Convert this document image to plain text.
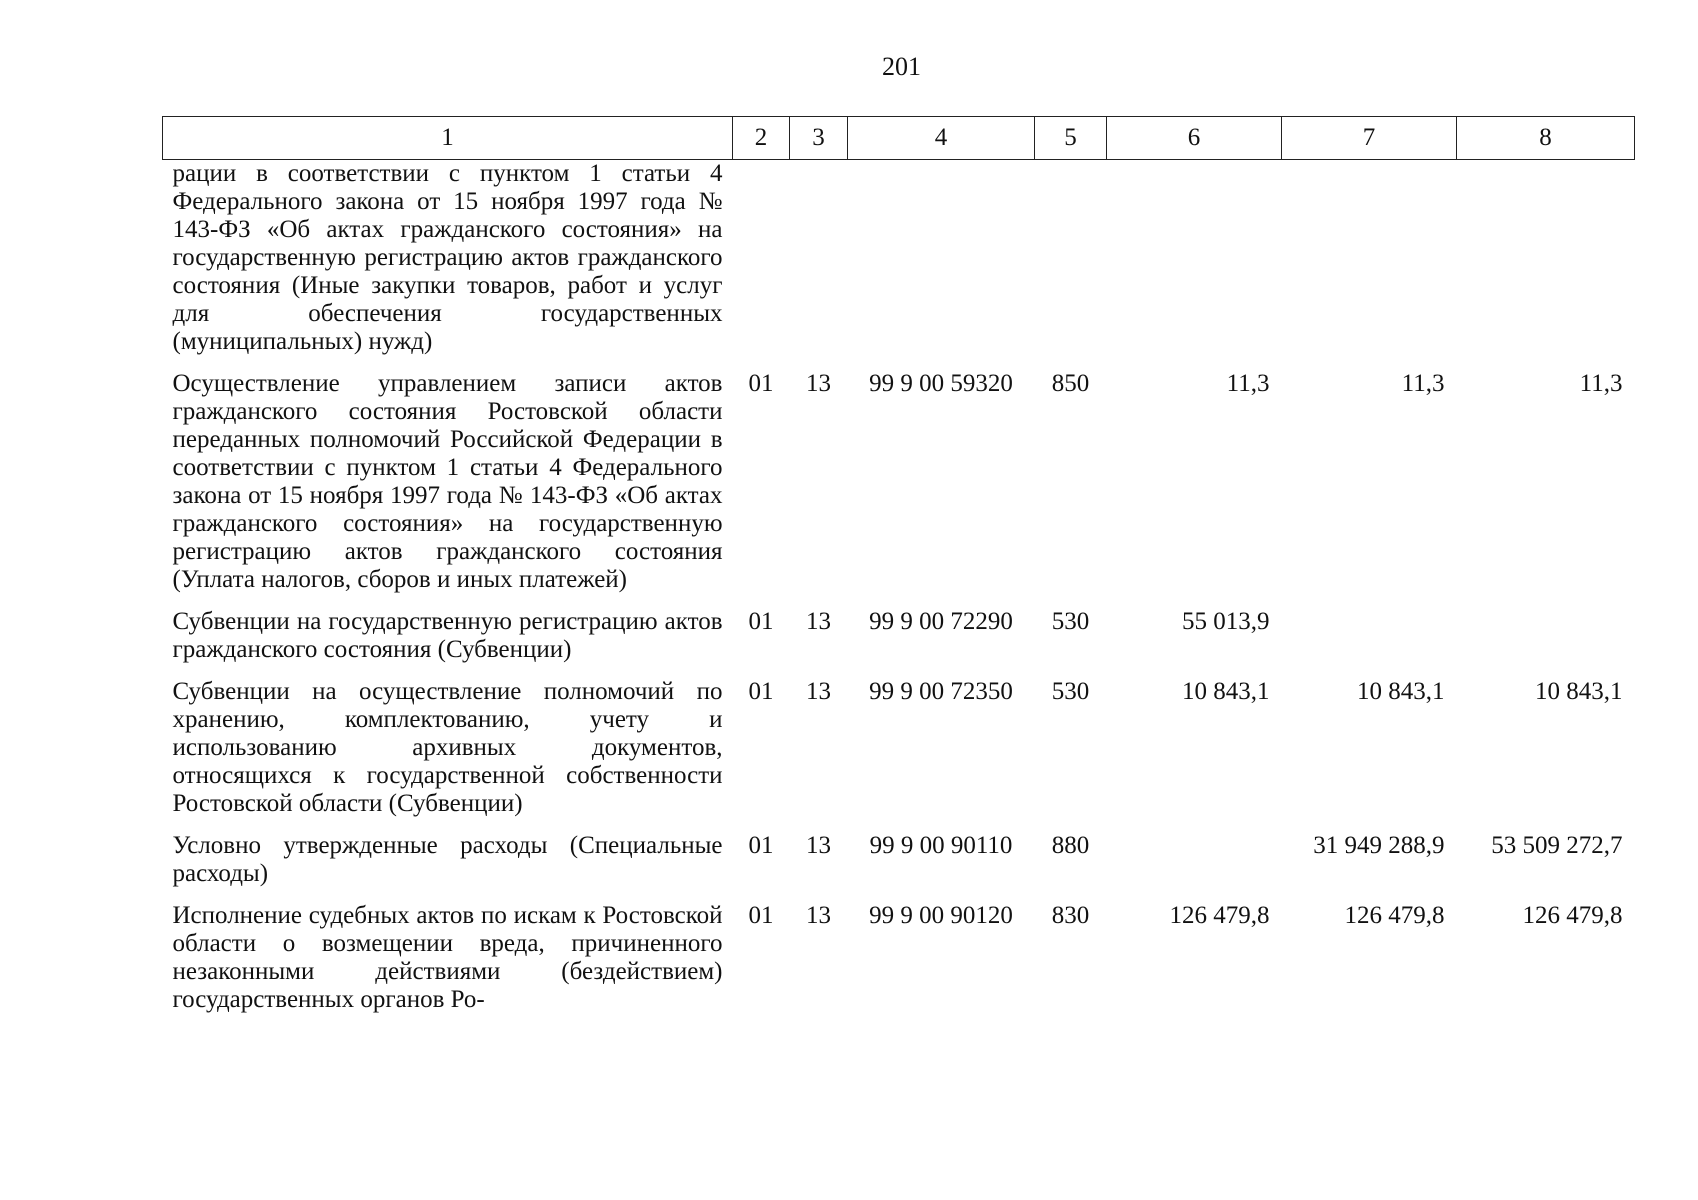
201
1	2	3	4	5	6	7	8
рации в соответствии с пунктом 1 статьи 4 Федерального закона от 15 ноября 1997 года № 143-ФЗ «Об актах гражданского состояния» на государственную регистрацию актов гражданского состояния (Иные закупки товаров, работ и услуг для обеспечения государственных (муниципальных) нужд)							
Осуществление управлением записи актов гражданского состояния Ростовской области переданных полномочий Российской Федерации в соответствии с пунктом 1 статьи 4 Федерального закона от 15 ноября 1997 года № 143-ФЗ «Об актах гражданского состояния» на государственную регистрацию актов гражданского состояния (Уплата налогов, сборов и иных платежей)	01	13	99 9 00 59320	850	11,3	11,3	11,3
Субвенции на государственную регистрацию актов гражданского состояния (Субвенции)	01	13	99 9 00 72290	530	55 013,9		
Субвенции на осуществление полномочий по хранению, комплектованию, учету и использованию архивных документов, относящихся к государственной собственности Ростовской области (Субвенции)	01	13	99 9 00 72350	530	10 843,1	10 843,1	10 843,1
Условно утвержденные расходы (Специальные расходы)	01	13	99 9 00 90110	880		31 949 288,9	53 509 272,7
Исполнение судебных актов по искам к Ростовской области о возмещении вреда, причиненного незаконными действиями (бездействием) государственных органов Ро-	01	13	99 9 00 90120	830	126 479,8	126 479,8	126 479,8
